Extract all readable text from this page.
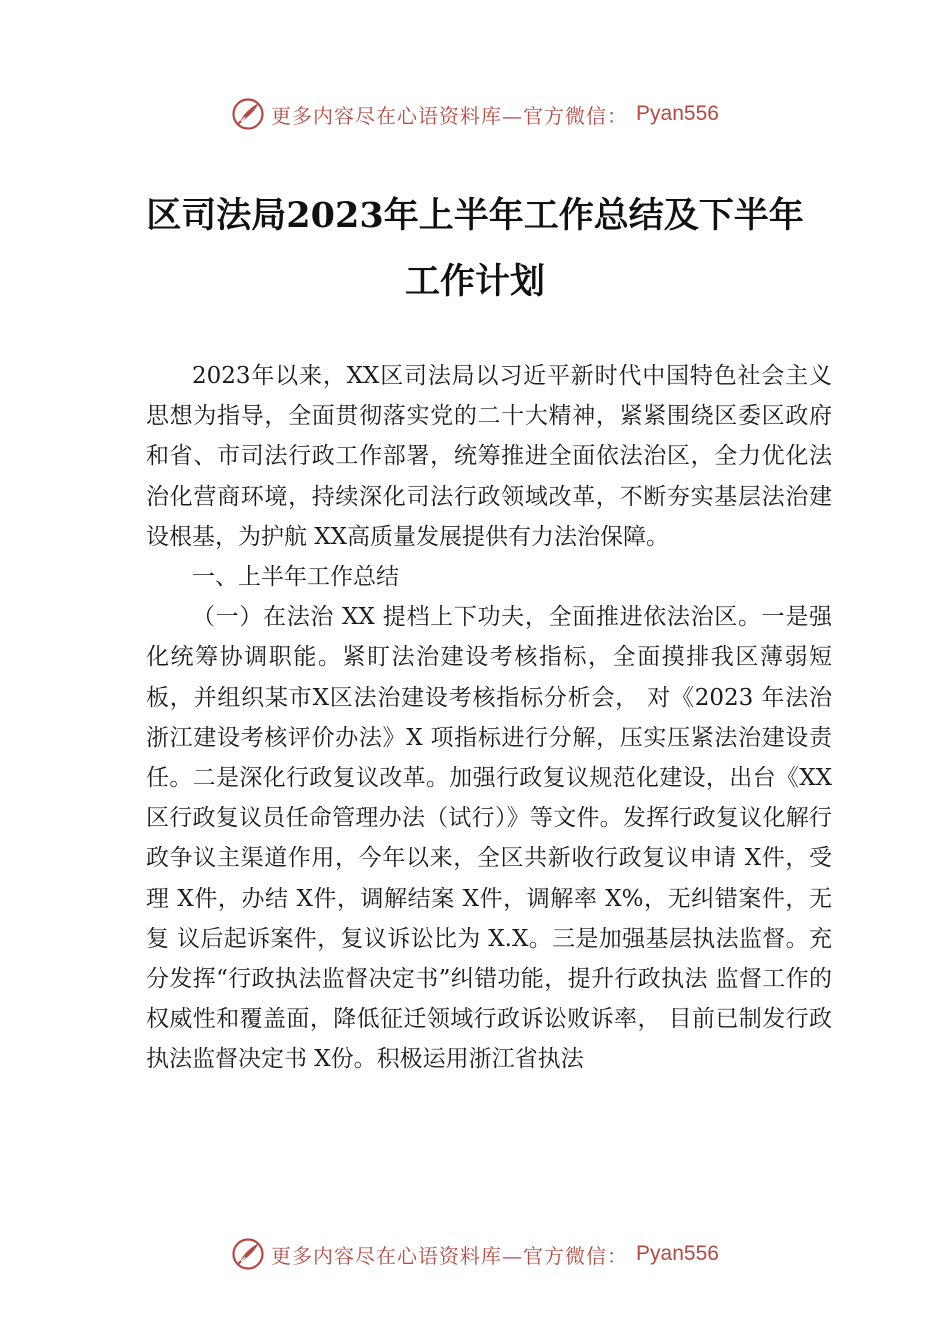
更多内容尽在心语资料库—官方微信： Pyan556
区司法局2023年上半年工作总结及下半年
工作计划

2023年以来，XX区司法局以习近平新时代中国特色社会主义思想为指导，全面贯彻落实党的二十大精神，紧紧围绕区委区政府和省、市司法行政工作部署，统筹推进全面依法治区，全力优化法治化营商环境，持续深化司法行政领域改革，不断夯实基层法治建设根基，为护航 XX高质量发展提供有力法治保障。

一、上半年工作总结

（一）在法治 XX 提档上下功夫，全面推进依法治区。一是强化统筹协调职能。紧盯法治建设考核指标，全面摸排我区薄弱短板，并组织某市X区法治建设考核指标分析会， 对《2023 年法治浙江建设考核评价办法》X 项指标进行分解，压实压紧法治建设责任。二是深化行政复议改革。加强行政复议规范化建设，出台《XX区行政复议员任命管理办法（试行）》等文件。发挥行政复议化解行政争议主渠道作用，今年以来，全区共新收行政复议申请 X件，受理 X件，办结 X件，调解结案 X件，调解率 X%，无纠错案件，无复 议后起诉案件，复议诉讼比为 X.X。三是加强基层执法监督。充分发挥“行政执法监督决定书”纠错功能，提升行政执法 监督工作的权威性和覆盖面，降低征迁领域行政诉讼败诉率， 目前已制发行政执法监督决定书 X份。积极运用浙江省执法

更多内容尽在心语资料库—官方微信： Pyan556
